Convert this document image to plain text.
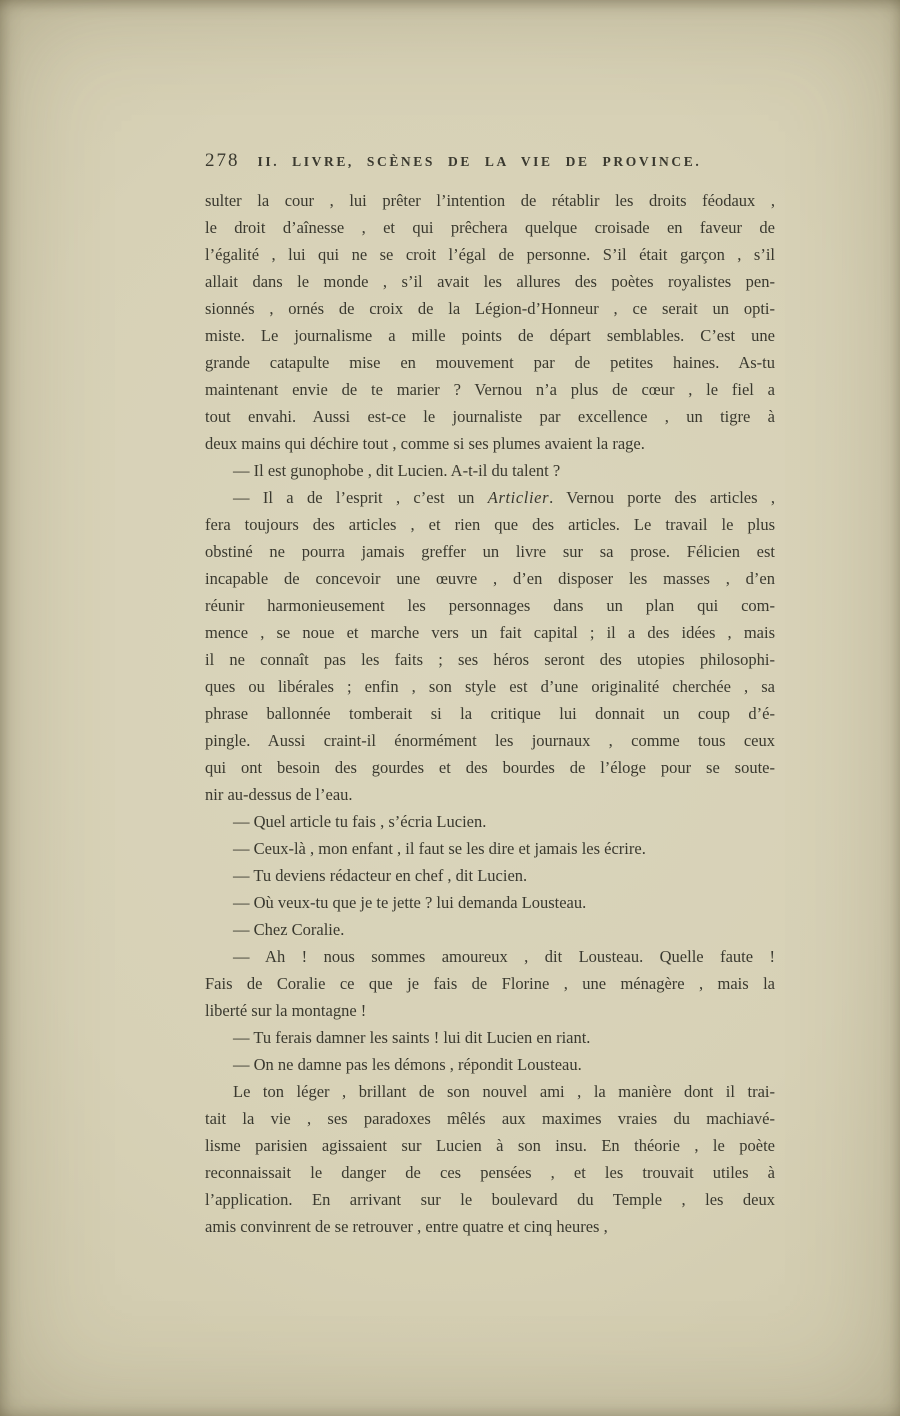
278 II. LIVRE, SCÈNES DE LA VIE DE PROVINCE.
sulter la cour , lui prêter l’intention de rétablir les droits féodaux ,
le droit d’aînesse , et qui prêchera quelque croisade en faveur de
l’égalité , lui qui ne se croit l’égal de personne. S’il était garçon , s’il
allait dans le monde , s’il avait les allures des poètes royalistes pen-
sionnés , ornés de croix de la Légion-d’Honneur , ce serait un opti-
miste. Le journalisme a mille points de départ semblables. C’est une
grande catapulte mise en mouvement par de petites haines. As-tu
maintenant envie de te marier ? Vernou n’a plus de cœur , le fiel a
tout envahi. Aussi est-ce le journaliste par excellence , un tigre à
deux mains qui déchire tout , comme si ses plumes avaient la rage.
— Il est gunophobe , dit Lucien. A-t-il du talent ?
— Il a de l’esprit , c’est un Articlier. Vernou porte des articles ,
fera toujours des articles , et rien que des articles. Le travail le plus
obstiné ne pourra jamais greffer un livre sur sa prose. Félicien est
incapable de concevoir une œuvre , d’en disposer les masses , d’en
réunir harmonieusement les personnages dans un plan qui com-
mence , se noue et marche vers un fait capital ; il a des idées , mais
il ne connaît pas les faits ; ses héros seront des utopies philosophi-
ques ou libérales ; enfin , son style est d’une originalité cherchée , sa
phrase ballonnée tomberait si la critique lui donnait un coup d’é-
pingle. Aussi craint-il énormément les journaux , comme tous ceux
qui ont besoin des gourdes et des bourdes de l’éloge pour se soute-
nir au-dessus de l’eau.
— Quel article tu fais , s’écria Lucien.
— Ceux-là , mon enfant , il faut se les dire et jamais les écrire.
— Tu deviens rédacteur en chef , dit Lucien.
— Où veux-tu que je te jette ? lui demanda Lousteau.
— Chez Coralie.
— Ah ! nous sommes amoureux , dit Lousteau. Quelle faute !
Fais de Coralie ce que je fais de Florine , une ménagère , mais la
liberté sur la montagne !
— Tu ferais damner les saints ! lui dit Lucien en riant.
— On ne damne pas les démons , répondit Lousteau.
Le ton léger , brillant de son nouvel ami , la manière dont il trai-
tait la vie , ses paradoxes mêlés aux maximes vraies du machiavé-
lisme parisien agissaient sur Lucien à son insu. En théorie , le poète
reconnaissait le danger de ces pensées , et les trouvait utiles à
l’application. En arrivant sur le boulevard du Temple , les deux
amis convinrent de se retrouver , entre quatre et cinq heures ,
